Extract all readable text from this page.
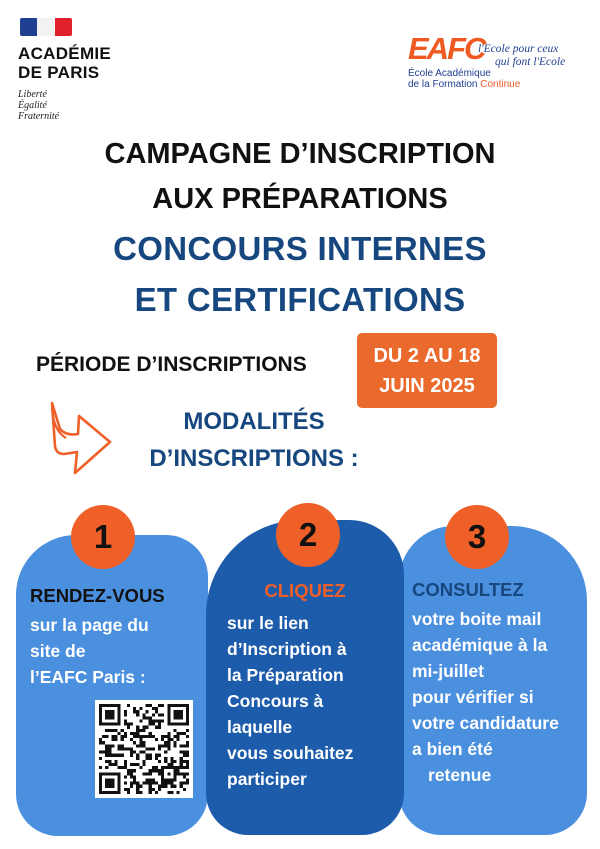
ACADÉMIE
DE PARIS
Liberté
Égalité
Fraternité
EAFC
l'Ecole pour ceux
qui font l'Ecole
École Académique
de la Formation Continue
CAMPAGNE D’INSCRIPTION
AUX PRÉPARATIONS
CONCOURS INTERNES
ET CERTIFICATIONS
PÉRIODE D’INSCRIPTIONS	DU 2 AU 18
JUIN 2025
MODALITÉS
D’INSCRIPTIONS :
1	2	3
RENDEZ-VOUS
sur la page du
site de
l’EAFC Paris :
CLIQUEZ
sur le lien
d’Inscription à
la Préparation
Concours à
laquelle
vous souhaitez
participer
CONSULTEZ
votre boite mail
académique à la
mi-juillet
pour vérifier si
votre candidature
a bien été
retenue
